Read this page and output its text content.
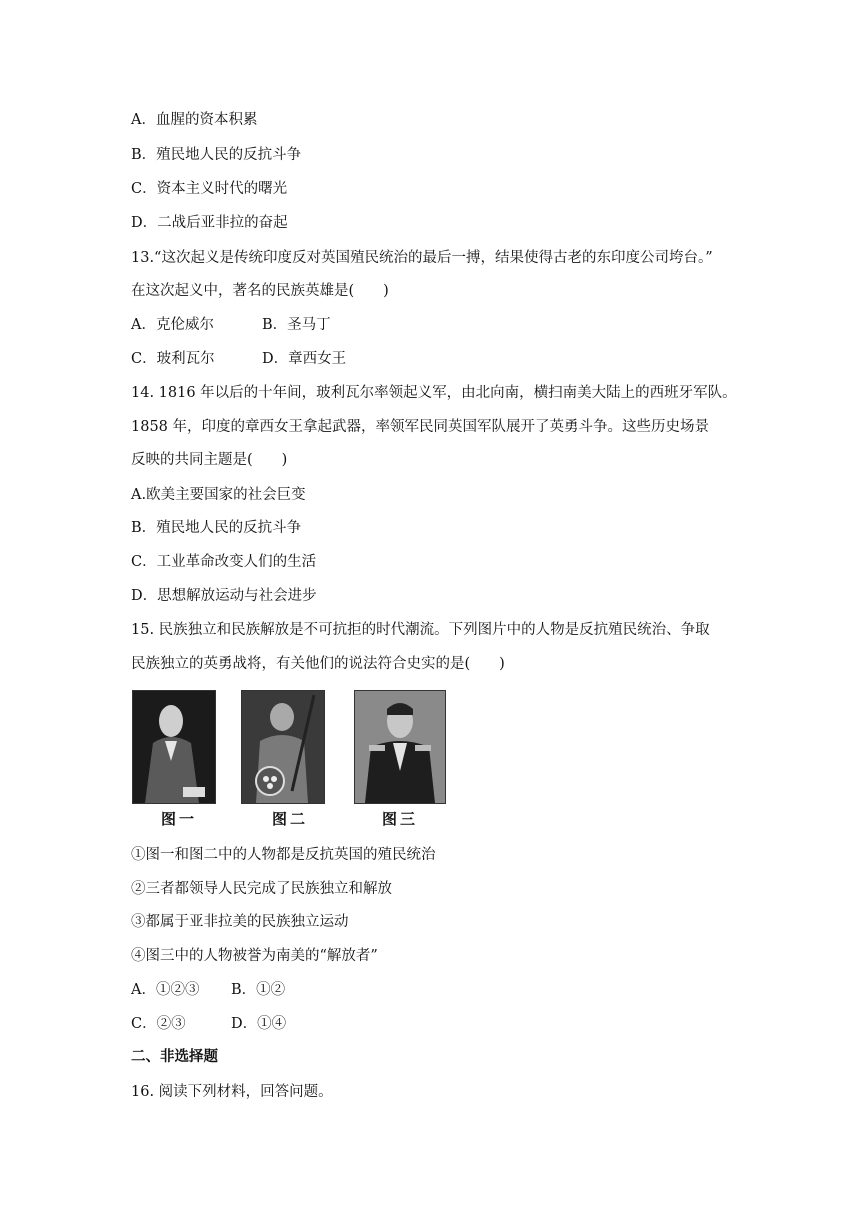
A．血腥的资本积累
B．殖民地人民的反抗斗争
C．资本主义时代的曙光
D．二战后亚非拉的奋起
13.“这次起义是传统印度反对英国殖民统治的最后一搏，结果使得古老的东印度公司垮台。”
在这次起义中，著名的民族英雄是(　　)
A．克伦威尔	B．圣马丁
C．玻利瓦尔	D．章西女王
14. 1816 年以后的十年间，玻利瓦尔率领起义军，由北向南，横扫南美大陆上的西班牙军队。
1858 年，印度的章西女王拿起武器，率领军民同英国军队展开了英勇斗争。这些历史场景
反映的共同主题是(　　)
A.欧美主要国家的社会巨变
B．殖民地人民的反抗斗争
C．工业革命改变人们的生活
D．思想解放运动与社会进步
15. 民族独立和民族解放是不可抗拒的时代潮流。下列图片中的人物是反抗殖民统治、争取
民族独立的英勇战将，有关他们的说法符合史实的是(　　)
图一	图二	图三
①图一和图二中的人物都是反抗英国的殖民统治
②三者都领导人民完成了民族独立和解放
③都属于亚非拉美的民族独立运动
④图三中的人物被誉为南美的“解放者”
A．①②③ B．①②
C．②③	D．①④
二、非选择题
16. 阅读下列材料，回答问题。
